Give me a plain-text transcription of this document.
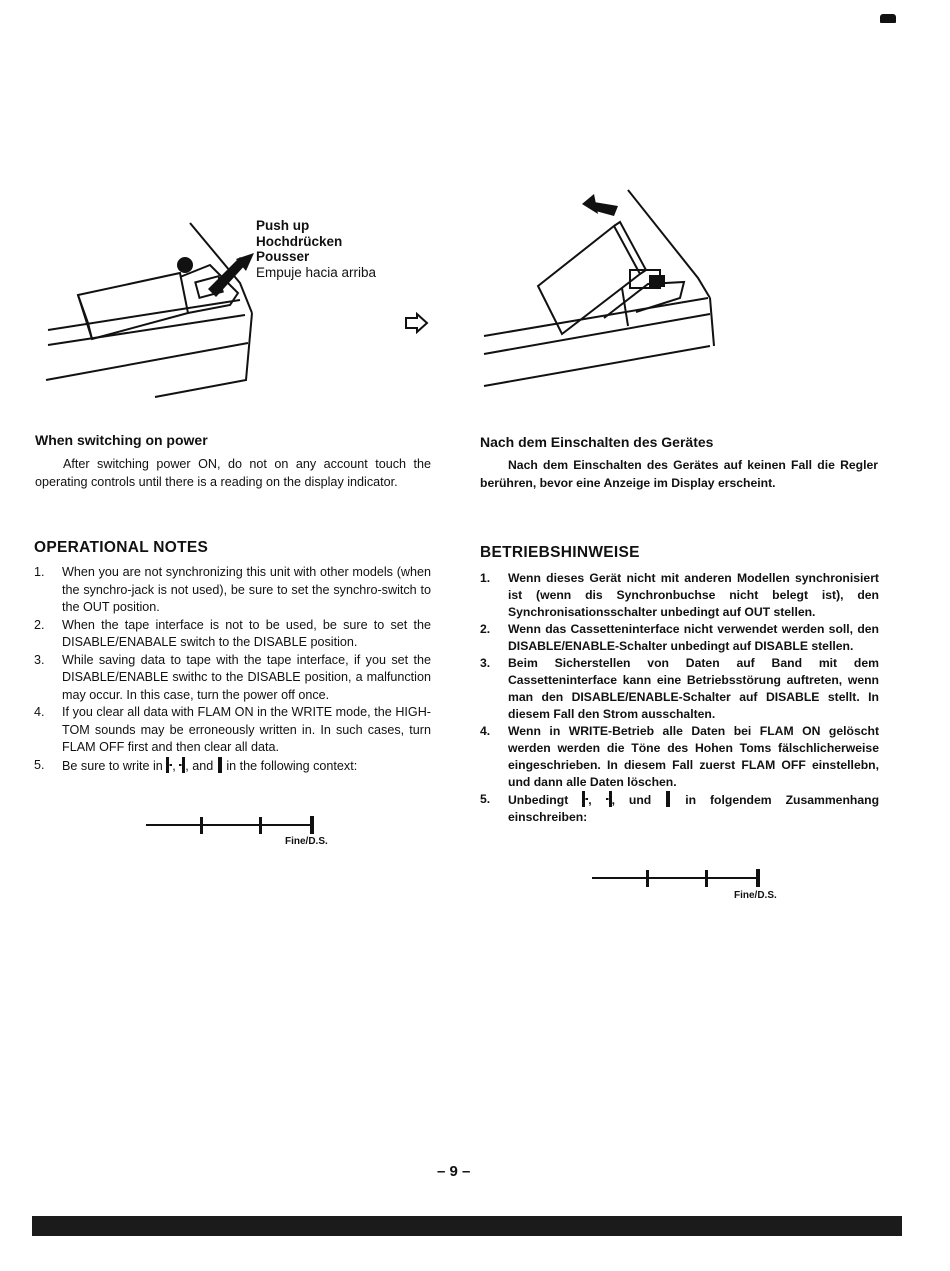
Push up
Hochdrücken
Pousser
Empuje hacia arriba
When switching on power

After switching power ON, do not on any account touch the operating controls until there is a reading on the display indicator.

OPERATIONAL NOTES
1.	When you are not synchronizing this unit with other models (when the synchro-jack is not used), be sure to set the synchro-switch to the OUT position.
2.	When the tape interface is not to be used, be sure to set the DISABLE/ENABALE switch to the DISABLE position.
3.	While saving data to tape with the tape interface, if you set the DISABLE/ENABLE swithc to the DISABLE position, a malfunction may occur. In this case, turn the power off once.
4.	If you clear all data with FLAM ON in the WRITE mode, the HIGH-TOM sounds may be erroneously written in. In such cases, turn FLAM OFF first and then clear all data.
5.	Be sure to write in , , and in the following context:
Fine/D.S.
Nach dem Einschalten des Gerätes

Nach dem Einschalten des Gerätes auf keinen Fall die Regler berühren, bevor eine Anzeige im Display erscheint.

BETRIEBSHINWEISE
1.	Wenn dieses Gerät nicht mit anderen Modellen synchronisiert ist (wenn dis Synchronbuchse nicht belegt ist), den Synchronisationsschalter unbedingt auf OUT stellen.
2.	Wenn das Cassetteninterface nicht verwendet werden soll, den DISABLE/ENABLE-Schalter unbedingt auf DISABLE stellen.
3.	Beim Sicherstellen von Daten auf Band mit dem Cassetteninterface kann eine Betriebsstörung auftreten, wenn man den DISABLE/ENABLE-Schalter auf DISABLE stellt. In diesem Fall den Strom ausschalten.
4.	Wenn in WRITE-Betrieb alle Daten bei FLAM ON gelöscht werden werden die Töne des Hohen Toms fälschlicherweise eingeschrieben. In diesem Fall zuerst FLAM OFF einstellebn, und dann alle Daten löschen.
5.	Unbedingt , , und	in folgendem Zusammenhang einschreiben:
Fine/D.S.
– 9 –
